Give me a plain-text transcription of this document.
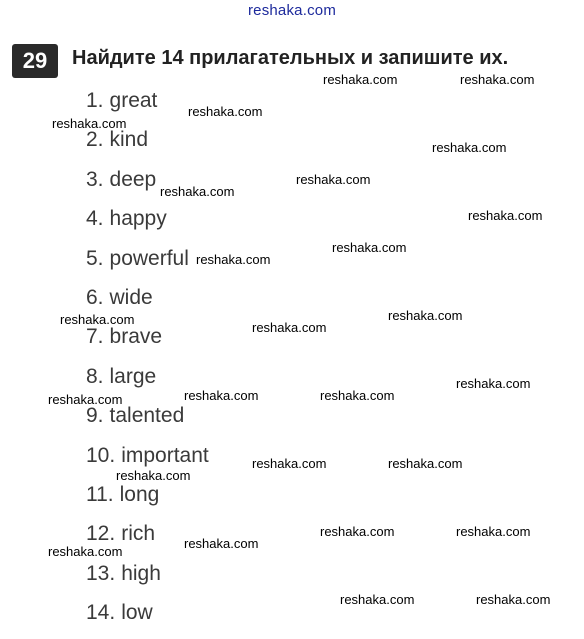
reshaka.com
29	Найдите 14 прилагательных и запишите их.
1. great
2. kind
3. deep
4. happy
5. powerful
6. wide
7. brave
8. large
9. talented
10. important
11. long
12. rich
13. high
14. low
reshaka.com	reshaka.com
reshaka.com
reshaka.com
reshaka.com
reshaka.com
reshaka.com
reshaka.com
reshaka.com
reshaka.com
reshaka.com
reshaka.com
reshaka.com
reshaka.com
reshaka.com	reshaka.com
reshaka.com
reshaka.com	reshaka.com
reshaka.com
reshaka.com	reshaka.com
reshaka.com
reshaka.com
reshaka.com	reshaka.com
